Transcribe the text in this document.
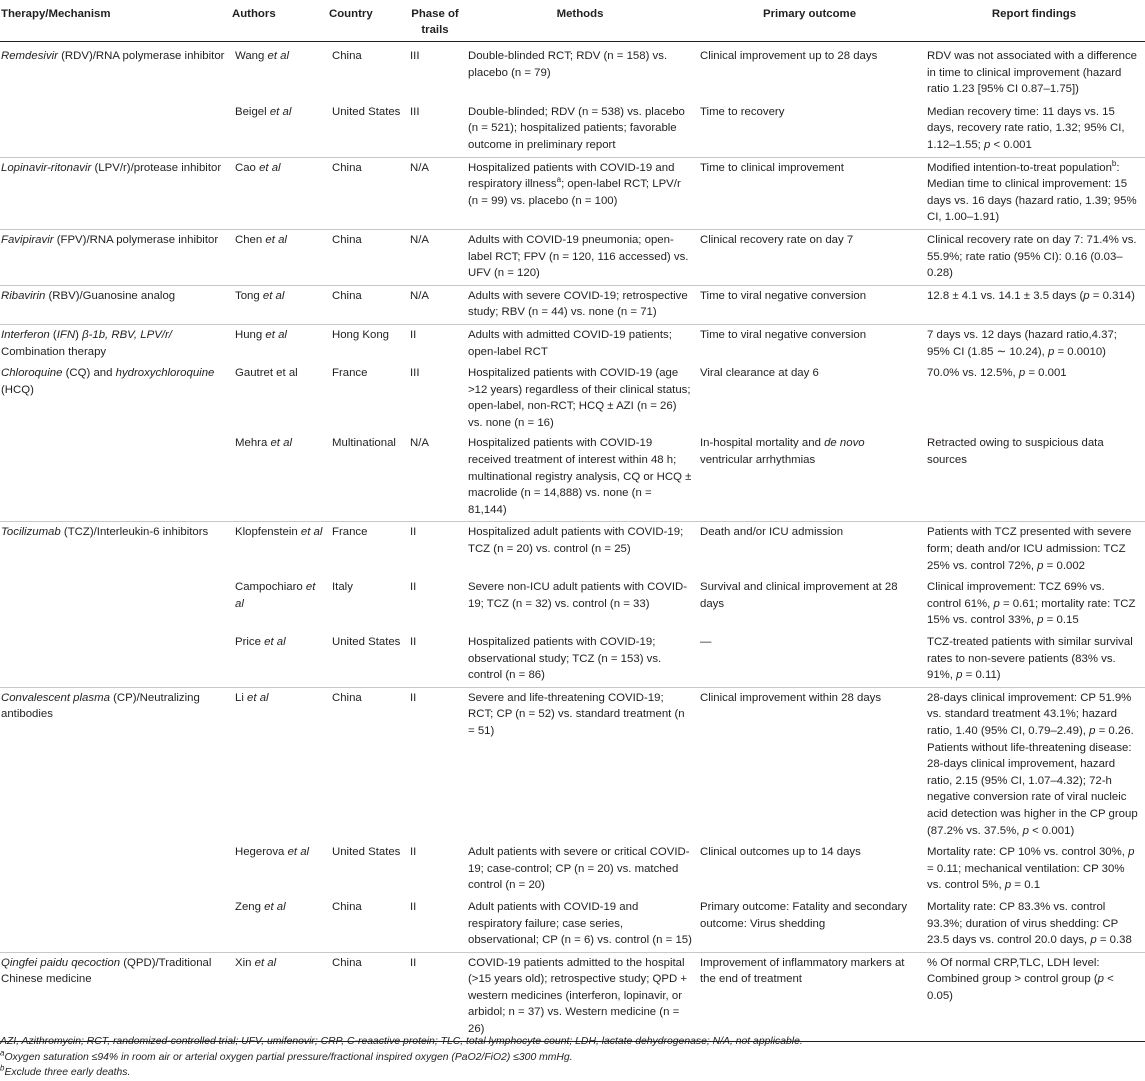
Therapy/Mechanism	Authors	Country	Phase of trails	Methods	Primary outcome	Report findings
Remdesivir (RDV)/RNA polymerase inhibitor	Wang et al	China	III	Double-blinded RCT; RDV (n = 158) vs. placebo (n = 79)	Clinical improvement up to 28 days	RDV was not associated with a difference in time to clinical improvement (hazard ratio 1.23 [95% CI 0.87–1.75])
	Beigel et al	United States	III	Double-blinded; RDV (n = 538) vs. placebo (n = 521); hospitalized patients; favorable outcome in preliminary report	Time to recovery	Median recovery time: 11 days vs. 15 days, recovery rate ratio, 1.32; 95% CI, 1.12–1.55; p < 0.001
Lopinavir-ritonavir (LPV/r)/protease inhibitor	Cao et al	China	N/A	Hospitalized patients with COVID-19 and respiratory illness$^a$; open-label RCT; LPV/r (n = 99) vs. placebo (n = 100)	Time to clinical improvement	Modified intention-to-treat population$^b$: Median time to clinical improvement: 15 days vs. 16 days (hazard ratio, 1.39; 95% CI, 1.00–1.91)
Favipiravir (FPV)/RNA polymerase inhibitor	Chen et al	China	N/A	Adults with COVID-19 pneumonia; open-label RCT; FPV (n = 120, 116 accessed) vs. UFV (n = 120)	Clinical recovery rate on day 7	Clinical recovery rate on day 7: 71.4% vs. 55.9%; rate ratio (95% CI): 0.16 (0.03–0.28)
Ribavirin (RBV)/Guanosine analog	Tong et al	China	N/A	Adults with severe COVID-19; retrospective study; RBV (n = 44) vs. none (n = 71)	Time to viral negative conversion	12.8 ± 4.1 vs. 14.1 ± 3.5 days (p = 0.314)
Interferon (IFN) β-1b, RBV, LPV/r/ Combination therapy	Hung et al	Hong Kong	II	Adults with admitted COVID-19 patients; open-label RCT	Time to viral negative conversion	7 days vs. 12 days (hazard ratio,4.37; 95% CI (1.85 ∼ 10.24), p = 0.0010)
Chloroquine (CQ) and hydroxychloroquine (HCQ)	Gautret et al	France	III	Hospitalized patients with COVID-19 (age >12 years) regardless of their clinical status; open-label, non-RCT; HCQ ± AZI (n = 26) vs. none (n = 16)	Viral clearance at day 6	70.0% vs. 12.5%, p = 0.001
	Mehra et al	Multinational	N/A	Hospitalized patients with COVID-19 received treatment of interest within 48 h; multinational registry analysis, CQ or HCQ ± macrolide (n = 14,888) vs. none (n = 81,144)	In-hospital mortality and de novo ventricular arrhythmias	Retracted owing to suspicious data sources
Tocilizumab (TCZ)/Interleukin-6 inhibitors	Klopfenstein et al	France	II	Hospitalized adult patients with COVID-19; TCZ (n = 20) vs. control (n = 25)	Death and/or ICU admission	Patients with TCZ presented with severe form; death and/or ICU admission: TCZ 25% vs. control 72%, p = 0.002
	Campochiaro et al	Italy	II	Severe non-ICU adult patients with COVID-19; TCZ (n = 32) vs. control (n = 33)	Survival and clinical improvement at 28 days	Clinical improvement: TCZ 69% vs. control 61%, p = 0.61; mortality rate: TCZ 15% vs. control 33%, p = 0.15
	Price et al	United States	II	Hospitalized patients with COVID-19; observational study; TCZ (n = 153) vs. control (n = 86)	—	TCZ-treated patients with similar survival rates to non-severe patients (83% vs. 91%, p = 0.11)
Convalescent plasma (CP)/Neutralizing antibodies	Li et al	China	II	Severe and life-threatening COVID-19; RCT; CP (n = 52) vs. standard treatment (n = 51)	Clinical improvement within 28 days	28-days clinical improvement: CP 51.9% vs. standard treatment 43.1%; hazard ratio, 1.40 (95% CI, 0.79–2.49), p = 0.26. Patients without life-threatening disease: 28-days clinical improvement, hazard ratio, 2.15 (95% CI, 1.07–4.32); 72-h negative conversion rate of viral nucleic acid detection was higher in the CP group (87.2% vs. 37.5%, p < 0.001)
	Hegerova et al	United States	II	Adult patients with severe or critical COVID-19; case-control; CP (n = 20) vs. matched control (n = 20)	Clinical outcomes up to 14 days	Mortality rate: CP 10% vs. control 30%, p = 0.11; mechanical ventilation: CP 30% vs. control 5%, p = 0.1
	Zeng et al	China	II	Adult patients with COVID-19 and respiratory failure; case series, observational; CP (n = 6) vs. control (n = 15)	Primary outcome: Fatality and secondary outcome: Virus shedding	Mortality rate: CP 83.3% vs. control 93.3%; duration of virus shedding: CP 23.5 days vs. control 20.0 days, p = 0.38
Qingfei paidu qecoction (QPD)/Traditional Chinese medicine	Xin et al	China	II	COVID-19 patients admitted to the hospital (>15 years old); retrospective study; QPD + western medicines (interferon, lopinavir, or arbidol; n = 37) vs. Western medicine (n = 26)	Improvement of inflammatory markers at the end of treatment	% Of normal CRP,TLC, LDH level: Combined group > control group (p < 0.05)
AZI, Azithromycin; RCT, randomized-controlled trial; UFV, umifenovir; CRP, C-reaactive protein; TLC, total lymphocyte count; LDH, lactate dehydrogenase; N/A, not applicable.
$^a$Oxygen saturation ≤94% in room air or arterial oxygen partial pressure/fractional inspired oxygen (PaO2/FiO2) ≤300 mmHg.
$^b$Exclude three early deaths.
